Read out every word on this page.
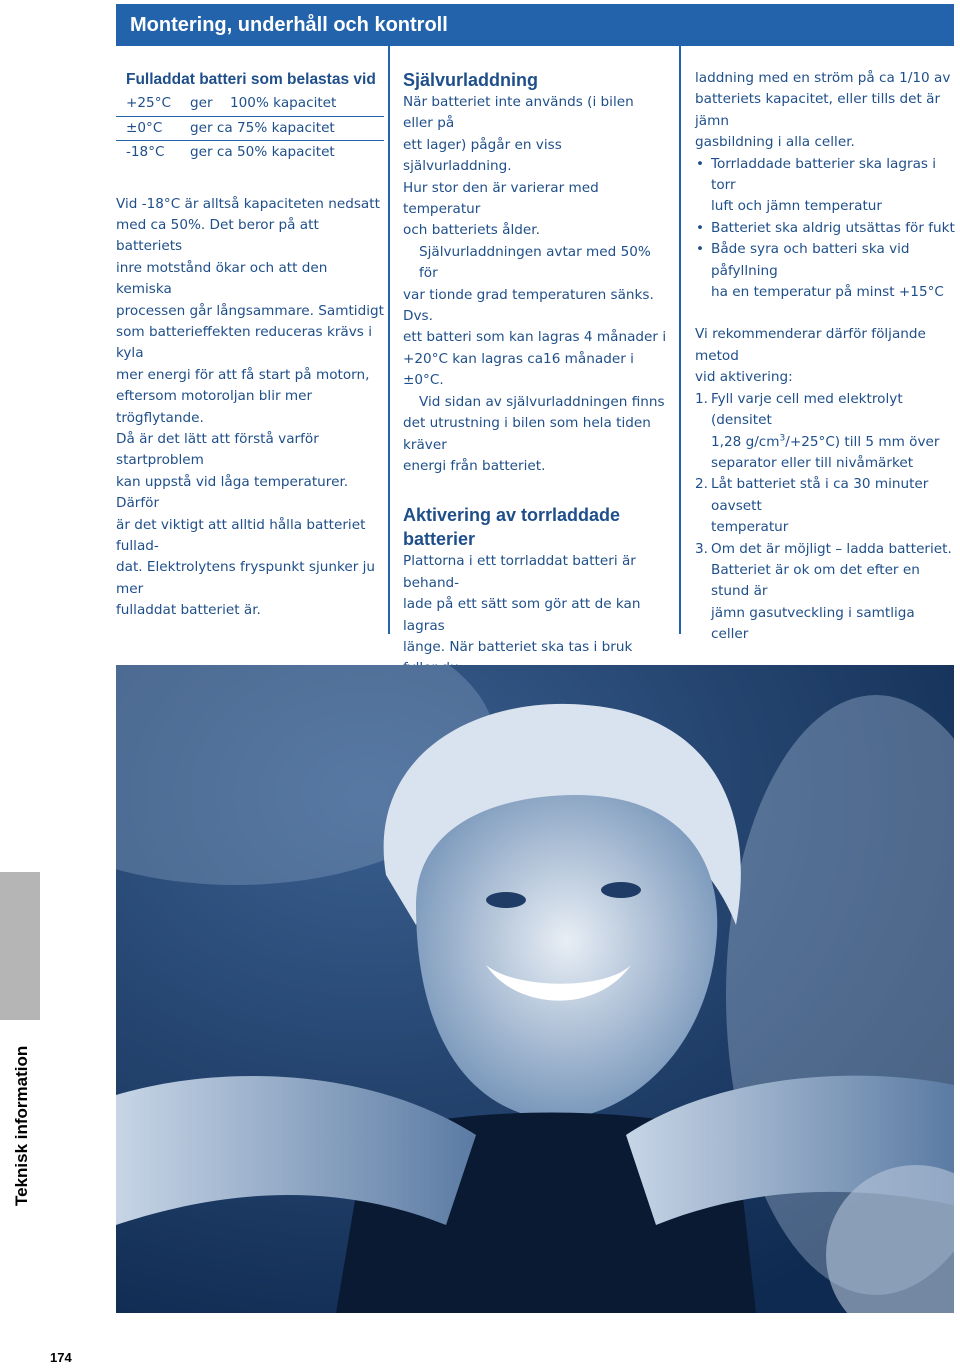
Montering, underhåll och kontroll
Fulladdat batteri som belastas vid
+25°C	ger	100% kapacitet
±0°C	ger ca 75% kapacitet
-18°C	ger ca 50% kapacitet

Vid -18°C är alltså kapaciteten nedsatt

med ca 50%. Det beror på att batteriets

inre motstånd ökar och att den kemiska

processen går långsammare. Samtidigt

som batterieffekten reduceras krävs i kyla

mer energi för att få start på motorn,

eftersom motoroljan blir mer trögflytande.

Då är det lätt att förstå varför startproblem

kan uppstå vid låga temperaturer. Därför

är det viktigt att alltid hålla batteriet fullad-

dat. Elektrolytens fryspunkt sjunker ju mer

fulladdat batteriet är.

Självurladdning

När batteriet inte används (i bilen eller på

ett lager) pågår en viss självurladdning.

Hur stor den är varierar med temperatur

och batteriets ålder.

Självurladdningen avtar med 50% för

var tionde grad temperaturen sänks. Dvs.

ett batteri som kan lagras 4 månader i

+20°C kan lagras ca16 månader i ±0°C.

Vid sidan av självurladdningen finns

det utrustning i bilen som hela tiden kräver

energi från batteriet.

Aktivering av torrladdade batterier

Plattorna i ett torrladdat batteri är behand-

lade på ett sätt som gör att de kan lagras

länge. När batteriet ska tas i bruk

laddning med en ström på ca 1/10 av

batteriets kapacitet, eller tills det är jämn

gasbildning i alla celler.

• Torrladdade batterier ska lagras i torr
luft och jämn temperatur
• Batteriet ska aldrig utsättas för fukt
• Både syra och batteri ska vid påfyllning
ha en temperatur på minst +15°C

Vi rekommenderar därför följande metod

vid aktivering:

1. Fyll varje cell med elektrolyt (densitet
1,28 $g/cm^3/+25^\circ C$) till 5 mm över
separator eller till nivåmärket
2. Låt batteriet stå i ca 30 minuter oavsett
temperatur
3. Om det är möjligt – ladda batteriet.
Batteriet är ok om det efter en stund är
jämn gasutveckling i samtliga celler

Teknisk information
174
